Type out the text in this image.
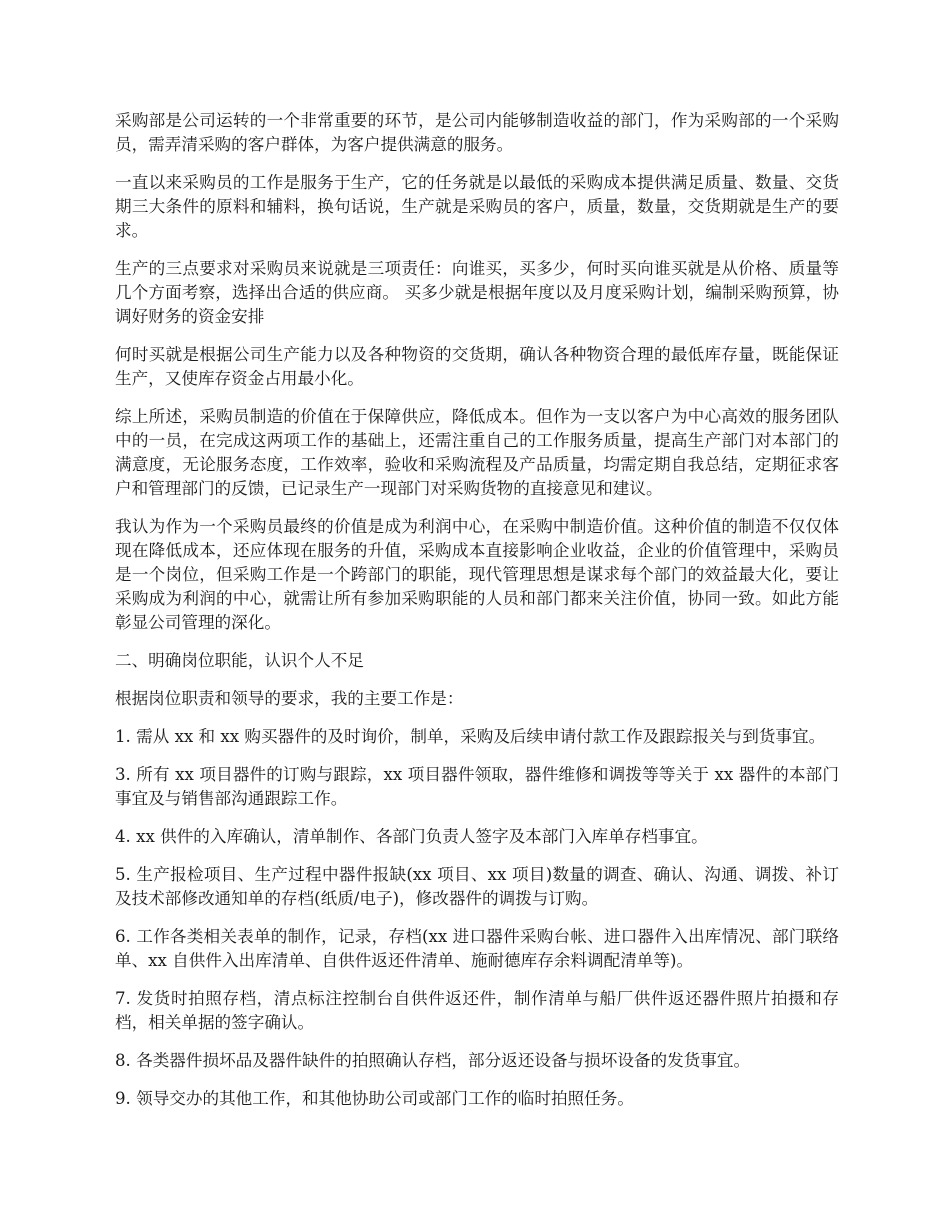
采购部是公司运转的一个非常重要的环节，是公司内能够制造收益的部门，作为采购部的一个采购员，需弄清采购的客户群体，为客户提供满意的服务。

一直以来采购员的工作是服务于生产，它的任务就是以最低的采购成本提供满足质量、数量、交货期三大条件的原料和辅料，换句话说，生产就是采购员的客户，质量，数量，交货期就是生产的要求。

生产的三点要求对采购员来说就是三项责任：向谁买，买多少，何时买向谁买就是从价格、质量等几个方面考察，选择出合适的供应商。 买多少就是根据年度以及月度采购计划，编制采购预算，协调好财务的资金安排

何时买就是根据公司生产能力以及各种物资的交货期，确认各种物资合理的最低库存量，既能保证生产，又使库存资金占用最小化。

综上所述，采购员制造的价值在于保障供应，降低成本。但作为一支以客户为中心高效的服务团队中的一员，在完成这两项工作的基础上，还需注重自己的工作服务质量，提高生产部门对本部门的满意度，无论服务态度，工作效率，验收和采购流程及产品质量，均需定期自我总结，定期征求客户和管理部门的反馈，已记录生产一现部门对采购货物的直接意见和建议。

我认为作为一个采购员最终的价值是成为利润中心，在采购中制造价值。这种价值的制造不仅仅体现在降低成本，还应体现在服务的升值，采购成本直接影响企业收益，企业的价值管理中，采购员是一个岗位，但采购工作是一个跨部门的职能，现代管理思想是谋求每个部门的效益最大化，要让采购成为利润的中心，就需让所有参加采购职能的人员和部门都来关注价值，协同一致。如此方能彰显公司管理的深化。

二、明确岗位职能，认识个人不足

根据岗位职责和领导的要求，我的主要工作是：

1. 需从 xx 和 xx 购买器件的及时询价，制单，采购及后续申请付款工作及跟踪报关与到货事宜。

3. 所有 xx 项目器件的订购与跟踪，xx 项目器件领取，器件维修和调拨等等关于 xx 器件的本部门事宜及与销售部沟通跟踪工作。

4. xx 供件的入库确认，清单制作、各部门负责人签字及本部门入库单存档事宜。

5. 生产报检项目、生产过程中器件报缺(xx 项目、xx 项目)数量的调查、确认、沟通、调拨、补订及技术部修改通知单的存档(纸质/电子)，修改器件的调拨与订购。

6. 工作各类相关表单的制作，记录，存档(xx 进口器件采购台帐、进口器件入出库情况、部门联络单、xx 自供件入出库清单、自供件返还件清单、施耐德库存余料调配清单等)。

7. 发货时拍照存档，清点标注控制台自供件返还件，制作清单与船厂供件返还器件照片拍摄和存档，相关单据的签字确认。

8. 各类器件损坏品及器件缺件的拍照确认存档，部分返还设备与损坏设备的发货事宜。

9. 领导交办的其他工作，和其他协助公司或部门工作的临时拍照任务。
